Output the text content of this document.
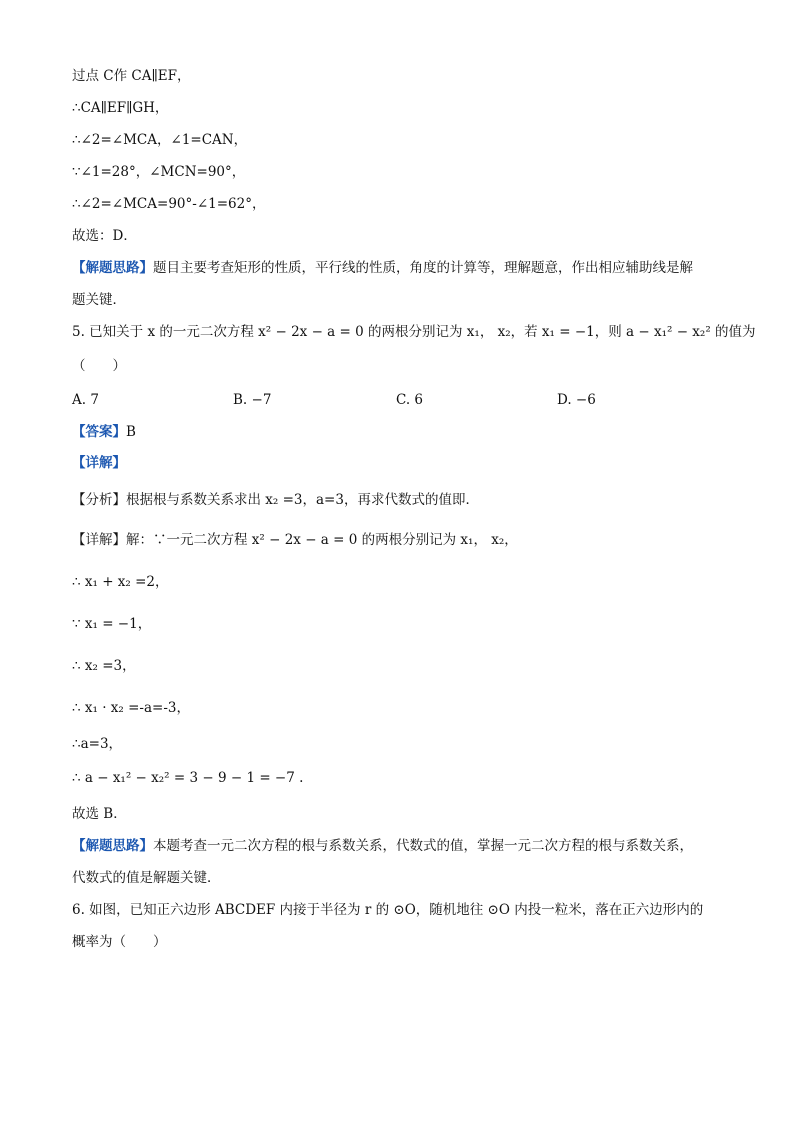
过点 C作 CA∥EF，
∴CA∥EF∥GH，
∴∠2=∠MCA，∠1=CAN，
∵∠1=28°，∠MCN=90°，
∴∠2=∠MCA=90°-∠1=62°，
故选：D．
【解题思路】题目主要考查矩形的性质，平行线的性质，角度的计算等，理解题意，作出相应辅助线是解
题关键．
5. 已知关于 x 的一元二次方程 x² − 2x − a = 0 的两根分别记为 x₁， x₂，若 x₁ = −1，则 a − x₁² − x₂² 的值为
（　　）
A. 7	B. −7	C. 6	D. −6
【答案】B
【详解】
【分析】根据根与系数关系求出 x₂ =3，a=3，再求代数式的值即．
【详解】解：∵一元二次方程 x² − 2x − a = 0 的两根分别记为 x₁， x₂，
∴ x₁ + x₂ =2，
∵ x₁ = −1，
∴ x₂ =3，
∴ x₁ · x₂ =-a=-3，
∴a=3，
∴ a − x₁² − x₂² = 3 − 9 − 1 = −7 .
故选 B．
【解题思路】本题考查一元二次方程的根与系数关系，代数式的值，掌握一元二次方程的根与系数关系，
代数式的值是解题关键．
6. 如图，已知正六边形 ABCDEF 内接于半径为 r 的 ⊙O，随机地往 ⊙O 内投一粒米，落在正六边形内的
概率为（　　）
